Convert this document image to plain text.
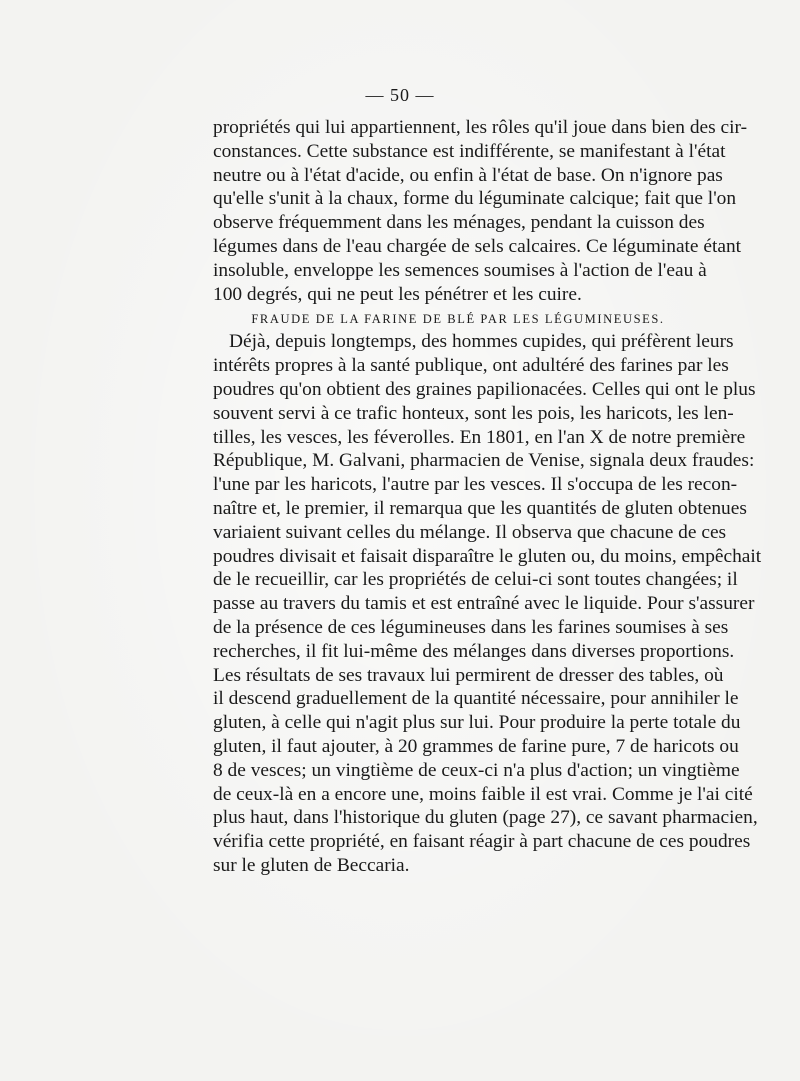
— 50 —
propriétés qui lui appartiennent, les rôles qu'il joue dans bien des cir-
constances. Cette substance est indifférente, se manifestant à l'état
neutre ou à l'état d'acide, ou enfin à l'état de base. On n'ignore pas
qu'elle s'unit à la chaux, forme du léguminate calcique; fait que l'on
observe fréquemment dans les ménages, pendant la cuisson des
légumes dans de l'eau chargée de sels calcaires. Ce léguminate étant
insoluble, enveloppe les semences soumises à l'action de l'eau à
100 degrés, qui ne peut les pénétrer et les cuire.
FRAUDE DE LA FARINE DE BLÉ PAR LES LÉGUMINEUSES.
Déjà, depuis longtemps, des hommes cupides, qui préfèrent leurs
intérêts propres à la santé publique, ont adultéré des farines par les
poudres qu'on obtient des graines papilionacées. Celles qui ont le plus
souvent servi à ce trafic honteux, sont les pois, les haricots, les len-
tilles, les vesces, les féverolles. En 1801, en l'an X de notre première
République, M. Galvani, pharmacien de Venise, signala deux fraudes:
l'une par les haricots, l'autre par les vesces. Il s'occupa de les recon-
naître et, le premier, il remarqua que les quantités de gluten obtenues
variaient suivant celles du mélange. Il observa que chacune de ces
poudres divisait et faisait disparaître le gluten ou, du moins, empêchait
de le recueillir, car les propriétés de celui-ci sont toutes changées; il
passe au travers du tamis et est entraîné avec le liquide. Pour s'assurer
de la présence de ces légumineuses dans les farines soumises à ses
recherches, il fit lui-même des mélanges dans diverses proportions.
Les résultats de ses travaux lui permirent de dresser des tables, où
il descend graduellement de la quantité nécessaire, pour annihiler le
gluten, à celle qui n'agit plus sur lui. Pour produire la perte totale du
gluten, il faut ajouter, à 20 grammes de farine pure, 7 de haricots ou
8 de vesces; un vingtième de ceux-ci n'a plus d'action; un vingtième
de ceux-là en a encore une, moins faible il est vrai. Comme je l'ai cité
plus haut, dans l'historique du gluten (page 27), ce savant pharmacien,
vérifia cette propriété, en faisant réagir à part chacune de ces poudres
sur le gluten de Beccaria.
